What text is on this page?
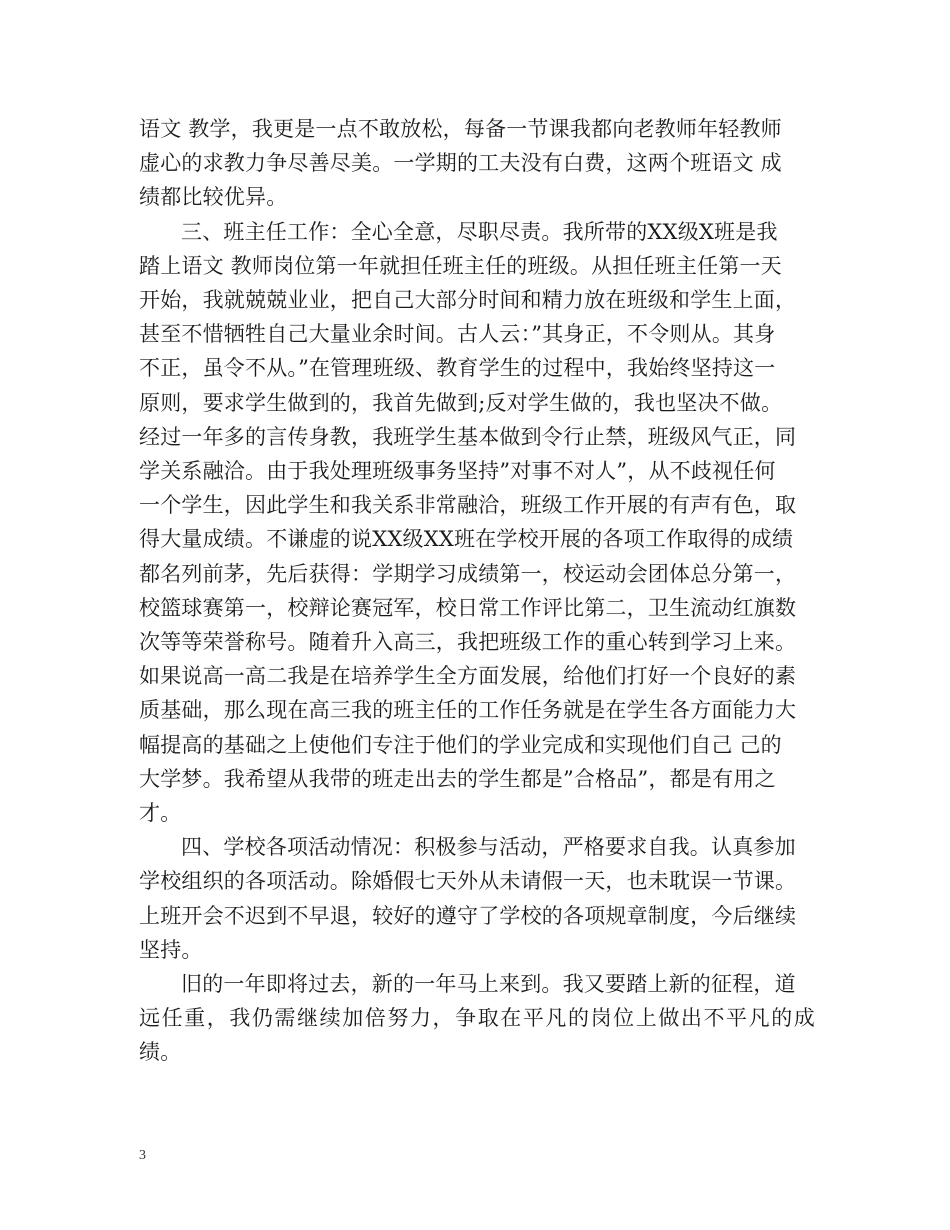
语文 教学，我更是一点不敢放松，每备一节课我都向老教师年轻教师
虚心的求教力争尽善尽美。一学期的工夫没有白费，这两个班语文 成
绩都比较优异。

三、班主任工作：全心全意，尽职尽责。我所带的XX级X班是我
踏上语文 教师岗位第一年就担任班主任的班级。从担任班主任第一天
开始，我就兢兢业业，把自己大部分时间和精力放在班级和学生上面，
甚至不惜牺牲自己大量业余时间。古人云：”其身正，不令则从。其身
不正，虽令不从。”在管理班级、教育学生的过程中，我始终坚持这一
原则，要求学生做到的，我首先做到;反对学生做的，我也坚决不做。
经过一年多的言传身教，我班学生基本做到令行止禁，班级风气正，同
学关系融洽。由于我处理班级事务坚持”对事不对人”，从不歧视任何
一个学生，因此学生和我关系非常融洽，班级工作开展的有声有色，取
得大量成绩。不谦虚的说XX级XX班在学校开展的各项工作取得的成绩
都名列前茅，先后获得：学期学习成绩第一，校运动会团体总分第一，
校篮球赛第一，校辩论赛冠军，校日常工作评比第二，卫生流动红旗数
次等等荣誉称号。随着升入高三，我把班级工作的重心转到学习上来。
如果说高一高二我是在培养学生全方面发展，给他们打好一个良好的素
质基础，那么现在高三我的班主任的工作任务就是在学生各方面能力大
幅提高的基础之上使他们专注于他们的学业完成和实现他们自己 己的
大学梦。我希望从我带的班走出去的学生都是”合格品”，都是有用之
才。

四、学校各项活动情况：积极参与活动，严格要求自我。认真参加
学校组织的各项活动。除婚假七天外从未请假一天，也未耽误一节课。
上班开会不迟到不早退，较好的遵守了学校的各项规章制度，今后继续
坚持。

旧的一年即将过去，新的一年马上来到。我又要踏上新的征程，道
远任重，我仍需继续加倍努力，争取在平凡的岗位上做出不平凡的成绩。

3
